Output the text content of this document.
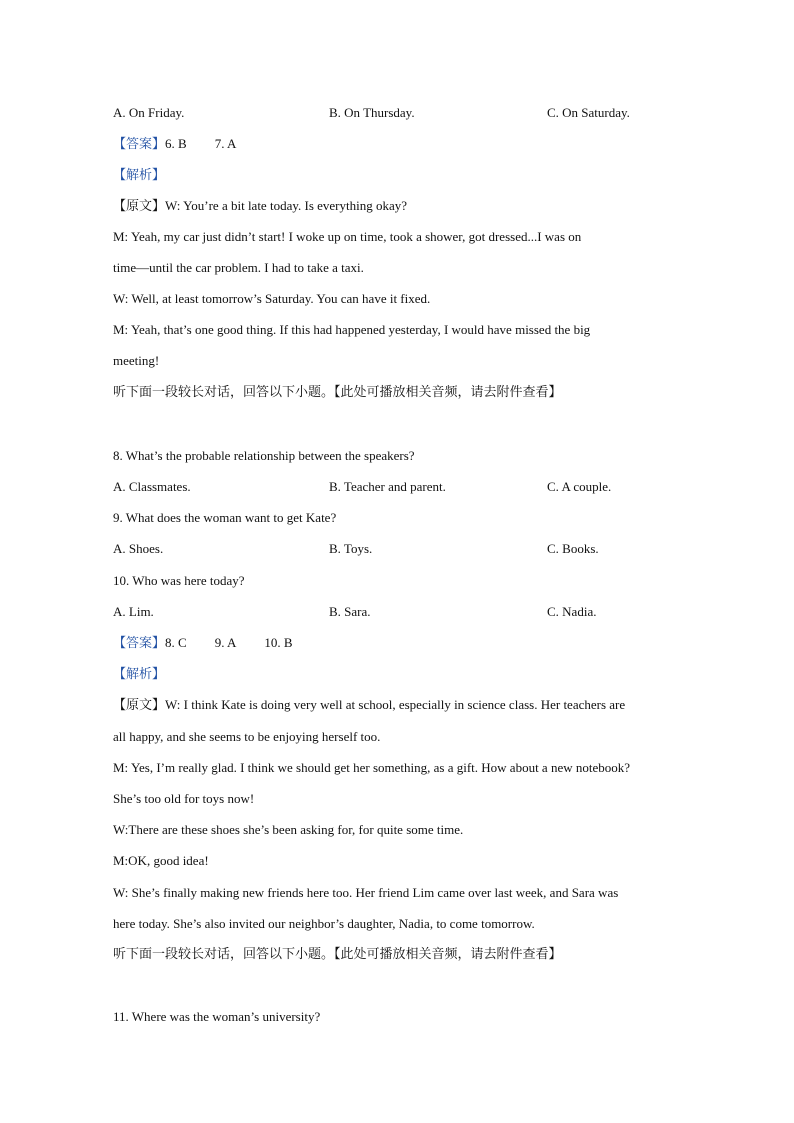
A. On Friday.	B. On Thursday.	C. On Saturday.
【答案】6. B 7. A
【解析】
【原文】W: You’re a bit late today. Is everything okay?
M: Yeah, my car just didn’t start! I woke up on time, took a shower, got dressed...I was on
time—until the car problem. I had to take a taxi.
W: Well, at least tomorrow’s Saturday. You can have it fixed.
M: Yeah, that’s one good thing. If this had happened yesterday, I would have missed the big
meeting!
听下面一段较长对话，回答以下小题。【此处可播放相关音频，请去附件查看】
8. What’s the probable relationship between the speakers?
A. Classmates.	B. Teacher and parent.	C. A couple.
9. What does the woman want to get Kate?
A. Shoes.	B. Toys.	C. Books.
10. Who was here today?
A. Lim.	B. Sara.	C. Nadia.
【答案】8. C 9. A 10. B
【解析】
【原文】W: I think Kate is doing very well at school, especially in science class. Her teachers are
all happy, and she seems to be enjoying herself too.
M: Yes, I’m really glad. I think we should get her something, as a gift. How about a new notebook?
She’s too old for toys now!
W:There are these shoes she’s been asking for, for quite some time.
M:OK, good idea!
W: She’s finally making new friends here too. Her friend Lim came over last week, and Sara was
here today. She’s also invited our neighbor’s daughter, Nadia, to come tomorrow.
听下面一段较长对话，回答以下小题。【此处可播放相关音频，请去附件查看】
11. Where was the woman’s university?
